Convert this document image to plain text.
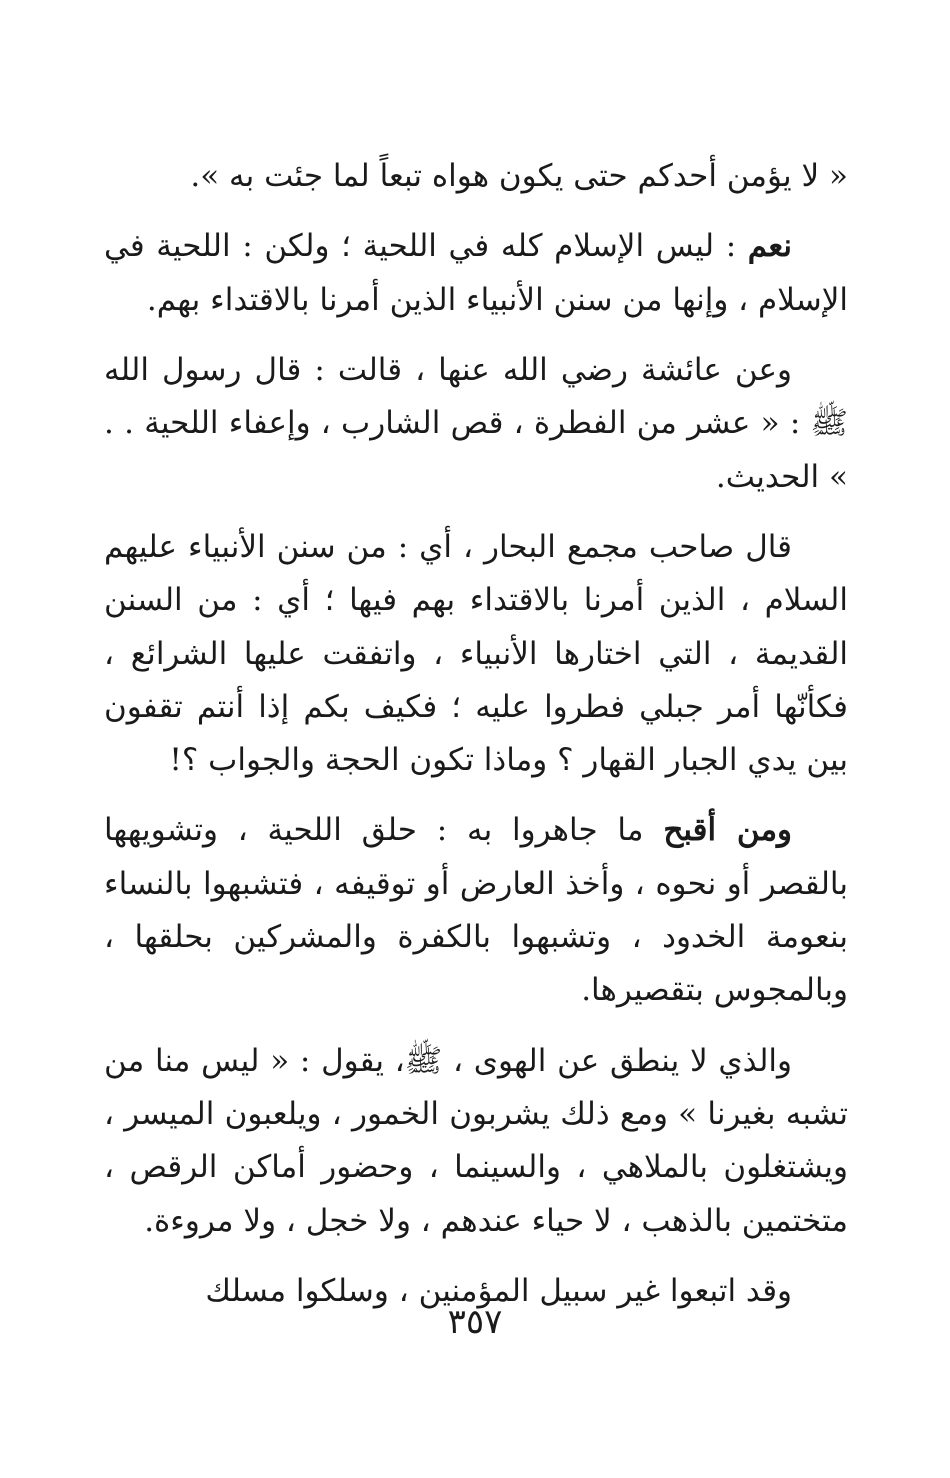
« لا يؤمن أحدكم حتى يكون هواه تبعاً لما جئت به ».

نعم : ليس الإسلام كله في اللحية ؛ ولكن : اللحية في الإسلام ، وإنها من سنن الأنبياء الذين أمرنا بالاقتداء بهم.

وعن عائشة رضي الله عنها ، قالت : قال رسول الله ﷺ : « عشر من الفطرة ، قص الشارب ، وإعفاء اللحية . . » الحديث.

قال صاحب مجمع البحار ، أي : من سنن الأنبياء عليهم السلام ، الذين أمرنا بالاقتداء بهم فيها ؛ أي : من السنن القديمة ، التي اختارها الأنبياء ، واتفقت عليها الشرائع ، فكأنّها أمر جبلي فطروا عليه ؛ فكيف بكم إذا أنتم تقفون بين يدي الجبار القهار ؟ وماذا تكون الحجة والجواب ؟!

ومن أقبح ما جاهروا به : حلق اللحية ، وتشويهها بالقصر أو نحوه ، وأخذ العارض أو توقيفه ، فتشبهوا بالنساء بنعومة الخدود ، وتشبهوا بالكفرة والمشركين بحلقها ، وبالمجوس بتقصيرها.

والذي لا ينطق عن الهوى ، ﷺ، يقول : « ليس منا من تشبه بغيرنا » ومع ذلك يشربون الخمور ، ويلعبون الميسر ، ويشتغلون بالملاهي ، والسينما ، وحضور أماكن الرقص ، متختمين بالذهب ، لا حياء عندهم ، ولا خجل ، ولا مروءة.

وقد اتبعوا غير سبيل المؤمنين ، وسلكوا مسلك

٣٥٧
